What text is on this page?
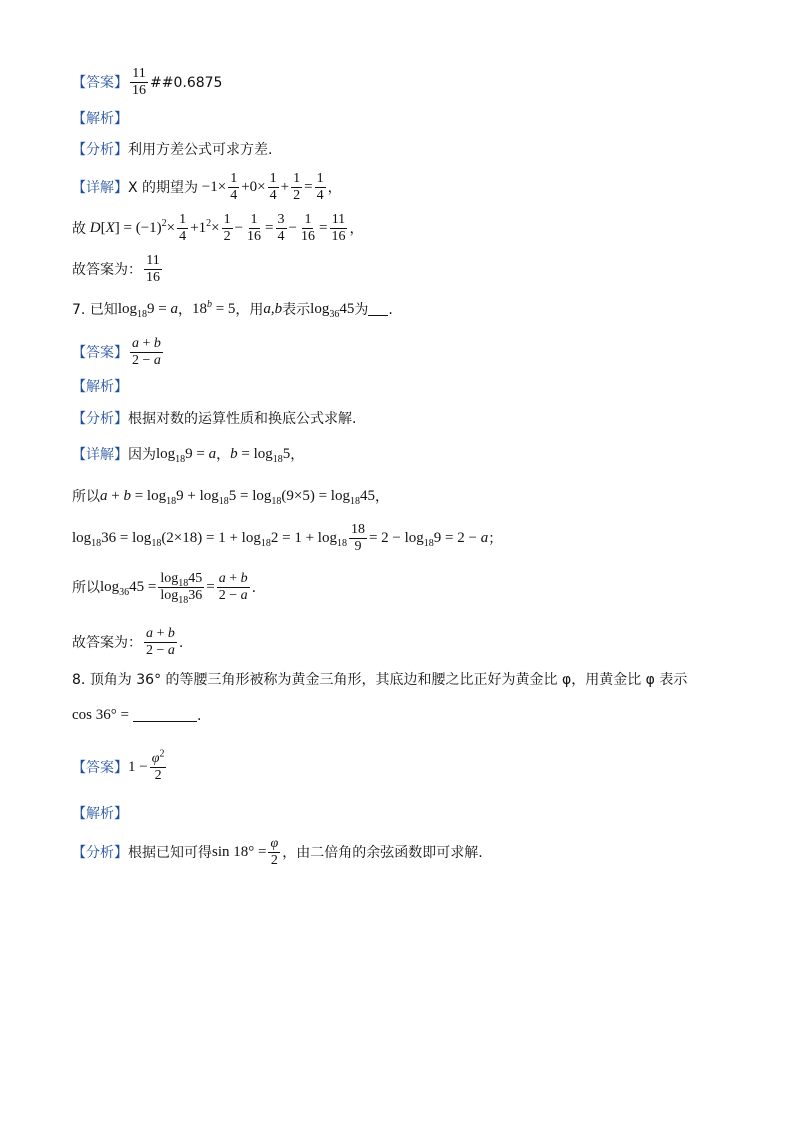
【答案】 $\frac{11}{16}$ ##0.6875
【解析】
【分析】 利用方差公式可求方差.
【详解】 X 的期望为 $-1\times \frac{1}{4} +0\times \frac{1}{4} + \frac{1}{2} = \frac{1}{4}$ ，
故 $D[X] = (-1)^2\times \frac{1}{4} +1^2\times \frac{1}{2} - \frac{1}{16} = \frac{3}{4} - \frac{1}{16} = \frac{11}{16}$ ，
故答案为： $\frac{11}{16}$
7.
已知 $\log_{18}9 = a$ ， $18^b = 5$ ，用 a , b 表示 $\log_{36}45$ 为 .
【答案】 $\frac{a + b}{2 - a}$
【解析】
【分析】 根据对数的运算性质和换底公式求解.
【详解】 因为 $\log_{18}9 = a$ ， $b = \log_{18}5$ ，
所以 $a + b = \log_{18}9 + \log_{18}5 = \log_{18}(9\times 5) = \log_{18}45$ ，
$\log_{18}36 = \log_{18}(2\times 18) = 1 + \log_{18}2 = 1 + \log_{18} \frac{18}{9} = 2 - \log_{18}9 = 2 - a$ ；
所以 $\log_{36}45 = \frac{\log_{18}45}{\log_{18}36} = \frac{a + b}{2 - a}$ .
故答案为： $\frac{a + b}{2 - a}$ .
8.
顶角为 36° 的等腰三角形被称为黄金三角形，其底边和腰之比正好为黄金比 φ，用黄金比 φ 表示
cos 36° =	.
【答案】 $1 - \frac{\varphi^2}{2}$
【解析】
【分析】 根据已知可得 $\sin 18^\circ = \frac{\varphi}{2}$ ，由二倍角的余弦函数即可求解.
